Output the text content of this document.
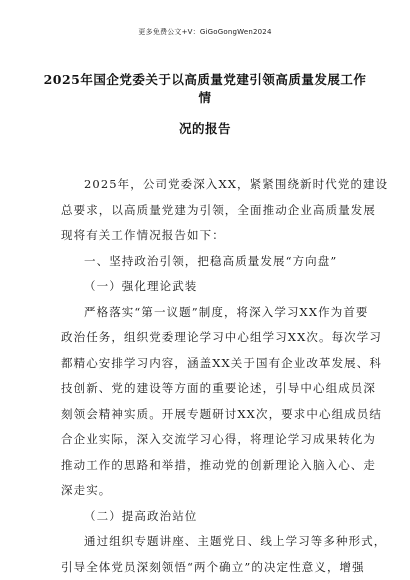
更多免费公文+V：GiGoGongWen2024
2025年国企党委关于以高质量党建引领高质量发展工作情
况的报告
2025年，公司党委深入XX，紧紧围绕新时代党的建设
总要求，以高质量党建为引领，全面推动企业高质量发展
现将有关工作情况报告如下：
一、坚持政治引领，把稳高质量发展“方向盘”
（一）强化理论武装
严格落实“第一议题”制度，将深入学习XX作为首要
政治任务，组织党委理论学习中心组学习XX次。每次学习
都精心安排学习内容，涵盖XX关于国有企业改革发展、科
技创新、党的建设等方面的重要论述，引导中心组成员深
刻领会精神实质。开展专题研讨XX次，要求中心组成员结
合企业实际，深入交流学习心得，将理论学习成果转化为
推动工作的思路和举措，推动党的创新理论入脑入心、走
深走实。
（二）提高政治站位
通过组织专题讲座、主题党日、线上学习等多种形式，
引导全体党员深刻领悟“两个确立”的决定性意义，增强
